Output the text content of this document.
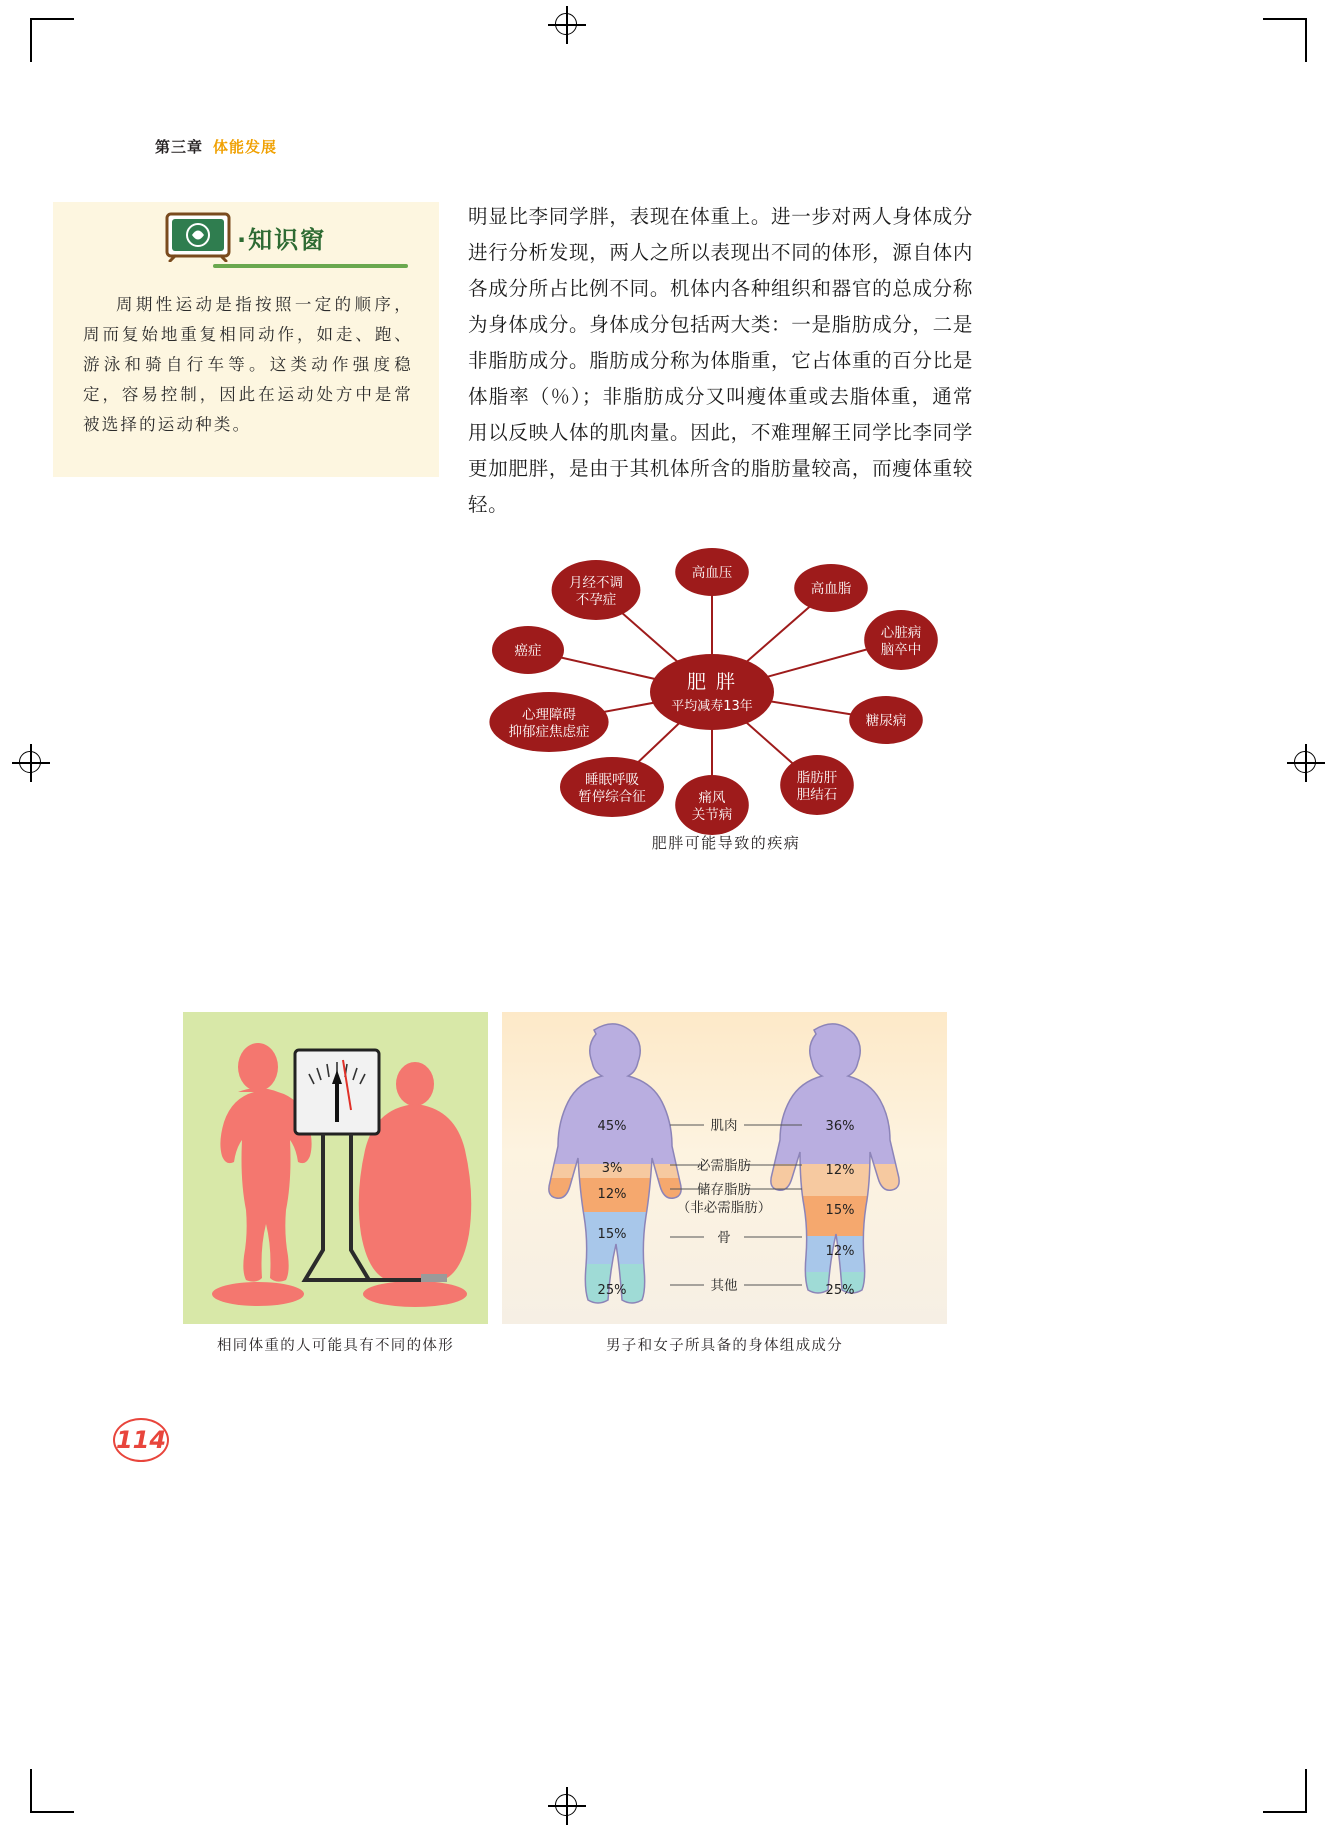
第三章 体能发展
·知识窗
周期性运动是指按照一定的顺序，周而复始地重复相同动作，如走、跑、游泳和骑自行车等。这类动作强度稳定，容易控制，因此在运动处方中是常被选择的运动种类。
明显比李同学胖，表现在体重上。进一步对两人身体成分进行分析发现，两人之所以表现出不同的体形，源自体内各成分所占比例不同。机体内各种组织和器官的总成分称为身体成分。身体成分包括两大类：一是脂肪成分，二是非脂肪成分。脂肪成分称为体脂重，它占体重的百分比是体脂率（％）；非脂肪成分又叫瘦体重或去脂体重，通常用以反映人体的肌肉量。因此，不难理解王同学比李同学更加肥胖，是由于其机体所含的脂肪量较高，而瘦体重较轻。
肥 胖
平均减寿13年
高血压
月经不调
不孕症
癌症
心理障碍
抑郁症焦虑症
睡眠呼吸
暂停综合征	痛风
关节病
脂肪肝
胆结石
糖尿病
心脏病
脑卒中
高血脂
肥胖可能导致的疾病
45%
3%
12%
15%
25%
36%
12%
15%
12%
25%
肌肉
必需脂肪
储存脂肪
（非必需脂肪）
骨
其他
相同体重的人可能具有不同的体形	男子和女子所具备的身体组成成分
114
